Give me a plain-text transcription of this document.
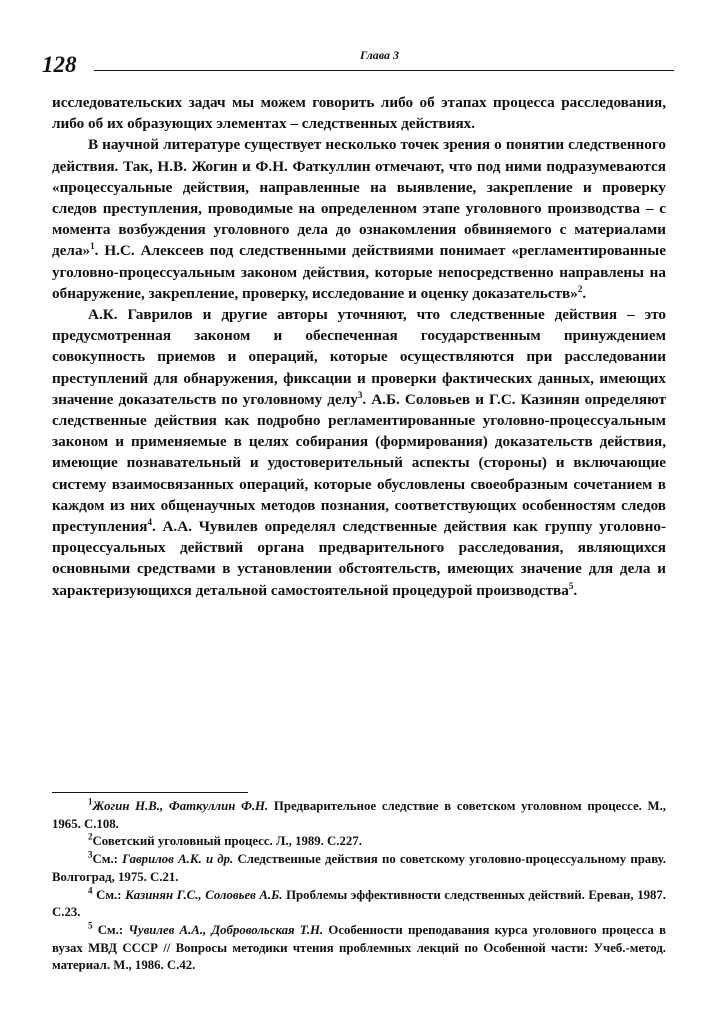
128	Глава 3

исследовательских задач мы можем говорить либо об этапах процесса расследования, либо об их образующих элементах – следственных действиях.

В научной литературе существует несколько точек зрения о понятии следственного действия. Так, Н.В. Жогин и Ф.Н. Фаткуллин отмечают, что под ними подразумеваются «процессуальные действия, направленные на выявление, закрепление и проверку следов преступления, проводимые на определенном этапе уголовного производства – с момента возбуждения уголовного дела до ознакомления обвиняемого с материалами дела»$^1$. Н.С. Алексеев под следственными действиями понимает «регламентированные уголовно-процессуальным законом действия, которые непосредственно направлены на обнаружение, закрепление, проверку, исследование и оценку доказательств»$^2$.

А.К. Гаврилов и другие авторы уточняют, что следственные действия – это предусмотренная законом и обеспеченная государственным принуждением совокупность приемов и операций, которые осуществляются при расследовании преступлений для обнаружения, фиксации и проверки фактических данных, имеющих значение доказательств по уголовному делу$^3$. А.Б. Соловьев и Г.С. Казинян определяют следственные действия как подробно регламентированные уголовно-процессуальным законом и применяемые в целях собирания (формирования) доказательств действия, имеющие познавательный и удостоверительный аспекты (стороны) и включающие систему взаимосвязанных операций, которые обусловлены своеобразным сочетанием в каждом из них общенаучных методов познания, соответствующих особенностям следов преступления$^4$. А.А. Чувилев определял следственные действия как группу уголовно-процессуальных действий органа предварительного расследования, являющихся основными средствами в установлении обстоятельств, имеющих значение для дела и характеризующихся детальной самостоятельной процедурой производства$^5$.

$^1$Жогин Н.В., Фаткуллин Ф.Н. Предварительное следствие в советском уголовном процессе. М., 1965. С.108.

$^2$Советский уголовный процесс. Л., 1989. С.227.

$^3$См.: Гаврилов А.К. и др. Следственные действия по советскому уголовно-процессуальному праву. Волгоград, 1975. С.21.

$^4$ См.: Казинян Г.С., Соловьев А.Б. Проблемы эффективности следственных действий. Ереван, 1987. С.23.

$^5$ См.: Чувилев А.А., Добровольская Т.Н. Особенности преподавания курса уголовного процесса в вузах МВД СССР // Вопросы методики чтения проблемных лекций по Особенной части: Учеб.-метод. материал. М., 1986. С.42.
